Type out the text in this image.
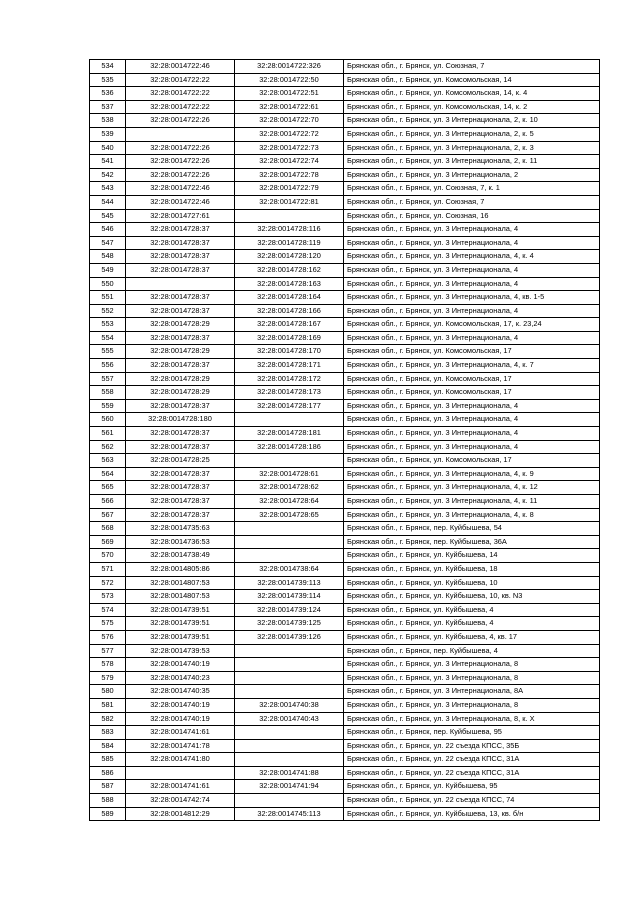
534	32:28:0014722:46	32:28:0014722:326	Брянская обл., г. Брянск, ул. Союзная, 7
535	32:28:0014722:22	32:28:0014722:50	Брянская обл., г. Брянск, ул. Комсомольская, 14
536	32:28:0014722:22	32:28:0014722:51	Брянская обл., г. Брянск, ул. Комсомольская, 14, к. 4
537	32:28:0014722:22	32:28:0014722:61	Брянская обл., г. Брянск, ул. Комсомольская, 14, к. 2
538	32:28:0014722:26	32:28:0014722:70	Брянская обл., г. Брянск, ул. 3 Интернационала, 2, к. 10
539		32:28:0014722:72	Брянская обл., г. Брянск, ул. 3 Интернационала, 2, к. 5
540	32:28:0014722:26	32:28:0014722:73	Брянская обл., г. Брянск, ул. 3 Интернационала, 2, к. 3
541	32:28:0014722:26	32:28:0014722:74	Брянская обл., г. Брянск, ул. 3 Интернационала, 2, к. 11
542	32:28:0014722:26	32:28:0014722:78	Брянская обл., г. Брянск, ул. 3 Интернационала, 2
543	32:28:0014722:46	32:28:0014722:79	Брянская обл., г. Брянск, ул. Союзная, 7, к. 1
544	32:28:0014722:46	32:28:0014722:81	Брянская обл., г. Брянск, ул. Союзная, 7
545	32:28:0014727:61		Брянская обл., г. Брянск, ул. Союзная, 16
546	32:28:0014728:37	32:28:0014728:116	Брянская обл., г. Брянск, ул. 3 Интернационала, 4
547	32:28:0014728:37	32:28:0014728:119	Брянская обл., г. Брянск, ул. 3 Интернационала, 4
548	32:28:0014728:37	32:28:0014728:120	Брянская обл., г. Брянск, ул. 3 Интернационала, 4, к. 4
549	32:28:0014728:37	32:28:0014728:162	Брянская обл., г. Брянск, ул. 3 Интернационала, 4
550		32:28:0014728:163	Брянская обл., г. Брянск, ул. 3 Интернационала, 4
551	32:28:0014728:37	32:28:0014728:164	Брянская обл., г. Брянск, ул. 3 Интернационала, 4, кв. 1-5
552	32:28:0014728:37	32:28:0014728:166	Брянская обл., г. Брянск, ул. 3 Интернационала, 4
553	32:28:0014728:29	32:28:0014728:167	Брянская обл., г. Брянск, ул. Комсомольская, 17, к. 23,24
554	32:28:0014728:37	32:28:0014728:169	Брянская обл., г. Брянск, ул. 3 Интернационала, 4
555	32:28:0014728:29	32:28:0014728:170	Брянская обл., г. Брянск, ул. Комсомольская, 17
556	32:28:0014728:37	32:28:0014728:171	Брянская обл., г. Брянск, ул. 3 Интернационала, 4, к. 7
557	32:28:0014728:29	32:28:0014728:172	Брянская обл., г. Брянск, ул. Комсомольская, 17
558	32:28:0014728:29	32:28:0014728:173	Брянская обл., г. Брянск, ул. Комсомольская, 17
559	32:28:0014728:37	32:28:0014728:177	Брянская обл., г. Брянск, ул. 3 Интернационала, 4
560	32:28:0014728:180		Брянская обл., г. Брянск, ул. 3 Интернационала, 4
561	32:28:0014728:37	32:28:0014728:181	Брянская обл., г. Брянск, ул. 3 Интернационала, 4
562	32:28:0014728:37	32:28:0014728:186	Брянская обл., г. Брянск, ул. 3 Интернационала, 4
563	32:28:0014728:25		Брянская обл., г. Брянск, ул. Комсомольская, 17
564	32:28:0014728:37	32:28:0014728:61	Брянская обл., г. Брянск, ул. 3 Интернационала, 4, к. 9
565	32:28:0014728:37	32:28:0014728:62	Брянская обл., г. Брянск, ул. 3 Интернационала, 4, к. 12
566	32:28:0014728:37	32:28:0014728:64	Брянская обл., г. Брянск, ул. 3 Интернационала, 4, к. 11
567	32:28:0014728:37	32:28:0014728:65	Брянская обл., г. Брянск, ул. 3 Интернационала, 4, к. 8
568	32:28:0014735:63		Брянская обл., г. Брянск, пер. Куйбышева, 54
569	32:28:0014736:53		Брянская обл., г. Брянск, пер. Куйбышева, 36А
570	32:28:0014738:49		Брянская обл., г. Брянск, ул. Куйбышева, 14
571	32:28:0014805:86	32:28:0014738:64	Брянская обл., г. Брянск, ул. Куйбышева, 18
572	32:28:0014807:53	32:28:0014739:113	Брянская обл., г. Брянск, ул. Куйбышева, 10
573	32:28:0014807:53	32:28:0014739:114	Брянская обл., г. Брянск, ул. Куйбышева, 10, кв. N3
574	32:28:0014739:51	32:28:0014739:124	Брянская обл., г. Брянск, ул. Куйбышева, 4
575	32:28:0014739:51	32:28:0014739:125	Брянская обл., г. Брянск, ул. Куйбышева, 4
576	32:28:0014739:51	32:28:0014739:126	Брянская обл., г. Брянск, ул. Куйбышева, 4, кв. 17
577	32:28:0014739:53		Брянская обл., г. Брянск, пер. Куйбышева, 4
578	32:28:0014740:19		Брянская обл., г. Брянск, ул. 3 Интернационала, 8
579	32:28:0014740:23		Брянская обл., г. Брянск, ул. 3 Интернационала, 8
580	32:28:0014740:35		Брянская обл., г. Брянск, ул. 3 Интернационала, 8А
581	32:28:0014740:19	32:28:0014740:38	Брянская обл., г. Брянск, ул. 3 Интернационала, 8
582	32:28:0014740:19	32:28:0014740:43	Брянская обл., г. Брянск, ул. 3 Интернационала, 8, к. X
583	32:28:0014741:61		Брянская обл., г. Брянск, пер. Куйбышева, 95
584	32:28:0014741:78		Брянская обл., г. Брянск, ул. 22 съезда КПСС, 35Б
585	32:28:0014741:80		Брянская обл., г. Брянск, ул. 22 съезда КПСС, 31А
586		32:28:0014741:88	Брянская обл., г. Брянск, ул. 22 съезда КПСС, 31А
587	32:28:0014741:61	32:28:0014741:94	Брянская обл., г. Брянск, ул. Куйбышева, 95
588	32:28:0014742:74		Брянская обл., г. Брянск, ул. 22 съезда КПСС, 74
589	32:28:0014812:29	32:28:0014745:113	Брянская обл., г. Брянск, ул. Куйбышева, 13, кв. б/н
